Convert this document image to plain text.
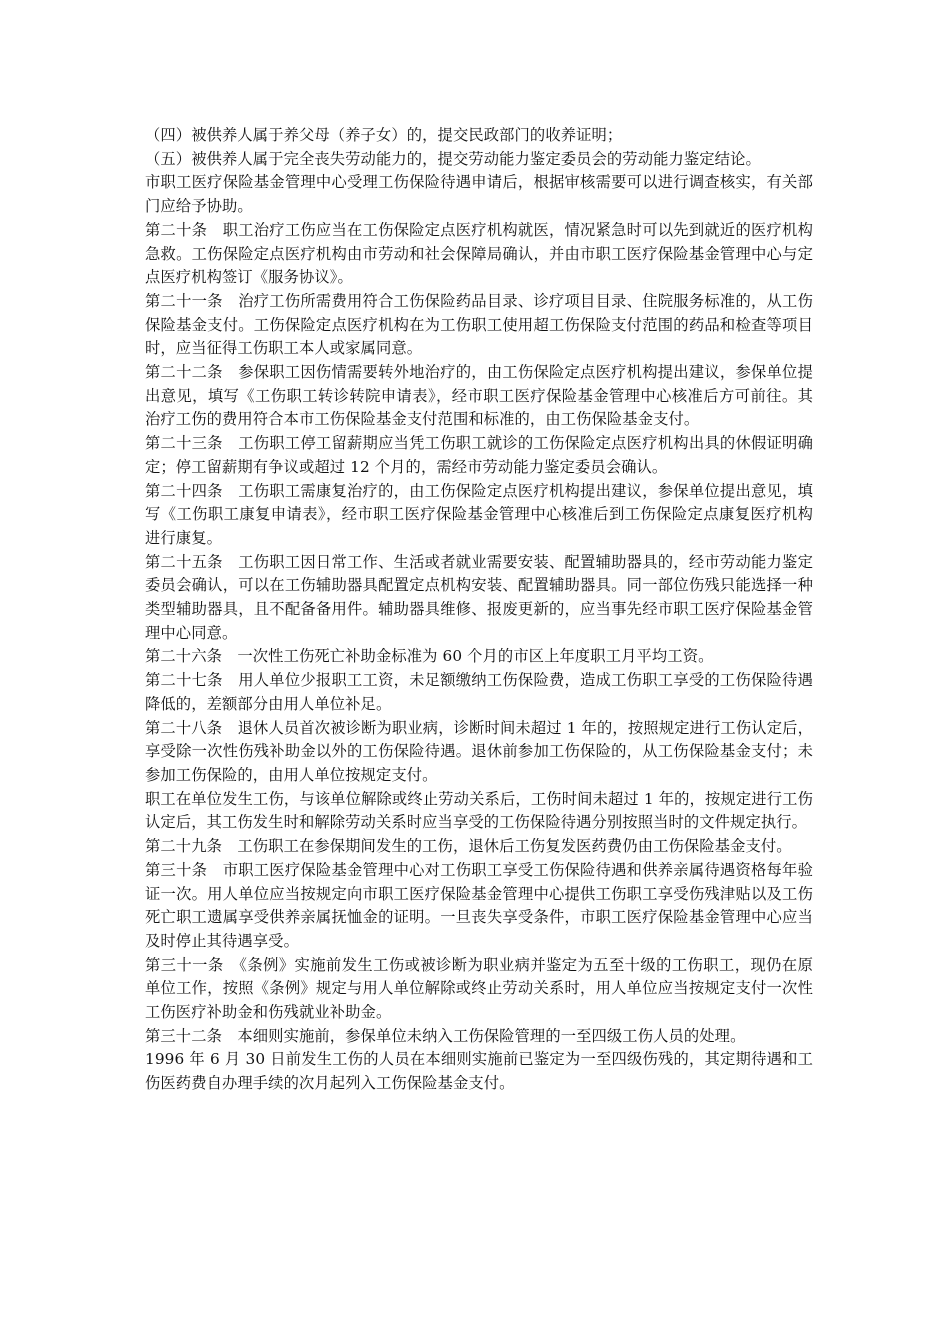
（四）被供养人属于养父母（养子女）的，提交民政部门的收养证明；

（五）被供养人属于完全丧失劳动能力的，提交劳动能力鉴定委员会的劳动能力鉴定结论。

市职工医疗保险基金管理中心受理工伤保险待遇申请后，根据审核需要可以进行调查核实，有关部门应给予协助。

第二十条　职工治疗工伤应当在工伤保险定点医疗机构就医，情况紧急时可以先到就近的医疗机构急救。工伤保险定点医疗机构由市劳动和社会保障局确认，并由市职工医疗保险基金管理中心与定点医疗机构签订《服务协议》。

第二十一条　治疗工伤所需费用符合工伤保险药品目录、诊疗项目目录、住院服务标准的，从工伤保险基金支付。工伤保险定点医疗机构在为工伤职工使用超工伤保险支付范围的药品和检查等项目时，应当征得工伤职工本人或家属同意。

第二十二条　参保职工因伤情需要转外地治疗的，由工伤保险定点医疗机构提出建议，参保单位提出意见，填写《工伤职工转诊转院申请表》，经市职工医疗保险基金管理中心核准后方可前往。其治疗工伤的费用符合本市工伤保险基金支付范围和标准的，由工伤保险基金支付。

第二十三条　工伤职工停工留薪期应当凭工伤职工就诊的工伤保险定点医疗机构出具的休假证明确定；停工留薪期有争议或超过 12 个月的，需经市劳动能力鉴定委员会确认。

第二十四条　工伤职工需康复治疗的，由工伤保险定点医疗机构提出建议，参保单位提出意见，填写《工伤职工康复申请表》，经市职工医疗保险基金管理中心核准后到工伤保险定点康复医疗机构进行康复。

第二十五条　工伤职工因日常工作、生活或者就业需要安装、配置辅助器具的，经市劳动能力鉴定委员会确认，可以在工伤辅助器具配置定点机构安装、配置辅助器具。同一部位伤残只能选择一种类型辅助器具，且不配备备用件。辅助器具维修、报废更新的，应当事先经市职工医疗保险基金管理中心同意。

第二十六条　一次性工伤死亡补助金标准为 60 个月的市区上年度职工月平均工资。

第二十七条　用人单位少报职工工资，未足额缴纳工伤保险费，造成工伤职工享受的工伤保险待遇降低的，差额部分由用人单位补足。

第二十八条　退休人员首次被诊断为职业病，诊断时间未超过 1 年的，按照规定进行工伤认定后，享受除一次性伤残补助金以外的工伤保险待遇。退休前参加工伤保险的，从工伤保险基金支付；未参加工伤保险的，由用人单位按规定支付。

职工在单位发生工伤，与该单位解除或终止劳动关系后，工伤时间未超过 1 年的，按规定进行工伤认定后，其工伤发生时和解除劳动关系时应当享受的工伤保险待遇分别按照当时的文件规定执行。

第二十九条　工伤职工在参保期间发生的工伤，退休后工伤复发医药费仍由工伤保险基金支付。

第三十条　市职工医疗保险基金管理中心对工伤职工享受工伤保险待遇和供养亲属待遇资格每年验证一次。用人单位应当按规定向市职工医疗保险基金管理中心提供工伤职工享受伤残津贴以及工伤死亡职工遗属享受供养亲属抚恤金的证明。一旦丧失享受条件，市职工医疗保险基金管理中心应当及时停止其待遇享受。

第三十一条　《条例》实施前发生工伤或被诊断为职业病并鉴定为五至十级的工伤职工，现仍在原单位工作，按照《条例》规定与用人单位解除或终止劳动关系时，用人单位应当按规定支付一次性工伤医疗补助金和伤残就业补助金。

第三十二条　本细则实施前，参保单位未纳入工伤保险管理的一至四级工伤人员的处理。

1996 年 6 月 30 日前发生工伤的人员在本细则实施前已鉴定为一至四级伤残的，其定期待遇和工伤医药费自办理手续的次月起列入工伤保险基金支付。
